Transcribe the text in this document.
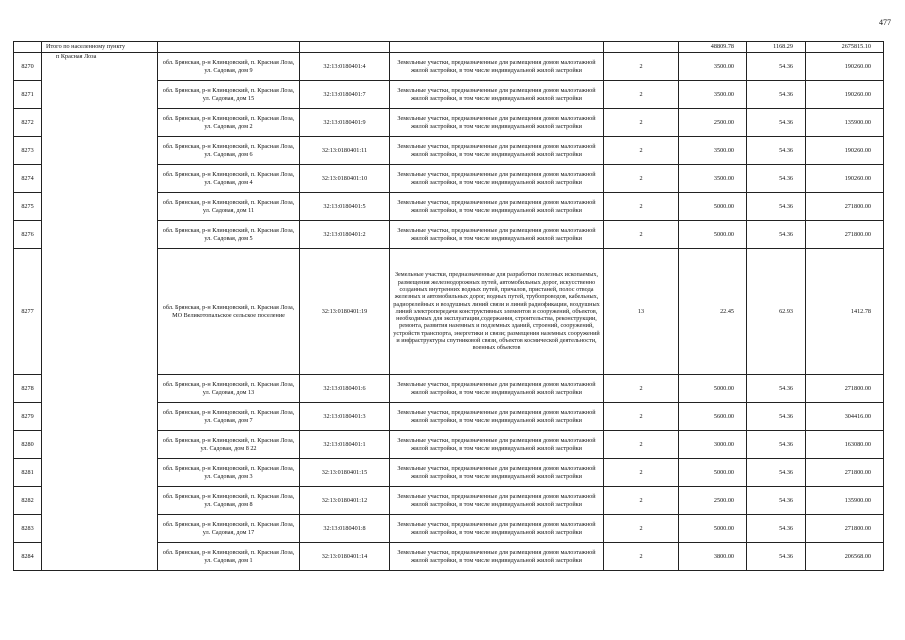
477
	Итого по населенному пункту					48809.78	1168.29	2675815.10
8270	п Красная Лоза	обл. Брянская, р-н Клинцовский, п. Красная Лоза, ул. Садовая, дом 9	32:13:0180401:4	Земельные участки, предназначенные для размещения домов малоэтажной жилой застройки, в том числе индивидуальной жилой застройки	2	3500.00	54.36	190260.00
8271		обл. Брянская, р-н Клинцовский, п. Красная Лоза, ул. Садовая, дом 15	32:13:0180401:7	Земельные участки, предназначенные для размещения домов малоэтажной жилой застройки, в том числе индивидуальной жилой застройки	2	3500.00	54.36	190260.00
8272		обл. Брянская, р-н Клинцовский, п. Красная Лоза, ул. Садовая, дом 2	32:13:0180401:9	Земельные участки, предназначенные для размещения домов малоэтажной жилой застройки, в том числе индивидуальной жилой застройки	2	2500.00	54.36	135900.00
8273		обл. Брянская, р-н Клинцовский, п. Красная Лоза, ул. Садовая, дом 6	32:13:0180401:11	Земельные участки, предназначенные для размещения домов малоэтажной жилой застройки, в том числе индивидуальной жилой застройки	2	3500.00	54.36	190260.00
8274		обл. Брянская, р-н Клинцовский, п. Красная Лоза, ул. Садовая, дом 4	32:13:0180401:10	Земельные участки, предназначенные для размещения домов малоэтажной жилой застройки, в том числе индивидуальной жилой застройки	2	3500.00	54.36	190260.00
8275		обл. Брянская, р-н Клинцовский, п. Красная Лоза, ул. Садовая, дом 11	32:13:0180401:5	Земельные участки, предназначенные для размещения домов малоэтажной жилой застройки, в том числе индивидуальной жилой застройки	2	5000.00	54.36	271800.00
8276		обл. Брянская, р-н Клинцовский, п. Красная Лоза, ул. Садовая, дом 5	32:13:0180401:2	Земельные участки, предназначенные для размещения домов малоэтажной жилой застройки, в том числе индивидуальной жилой застройки	2	5000.00	54.36	271800.00
8277		обл. Брянская, р-н Клинцовский, п. Красная Лоза, МО Великотопальское сельское поселение	32:13:0180401:19	Земельные участки, предназначенные для разработки полезных ископаемых, размещения железнодорожных путей, автомобильных дорог, искусственно созданных внутренних водных путей, причалов, пристаней, полос отвода железных и автомобильных дорог, водных путей, трубопроводов, кабельных, радиорелейных и воздушных линий связи и линий радиофикации, воздушных линий электропередачи конструктивных элементов и сооружений, объектов, необходимых для эксплуатации,содержания, строительства, реконструкции, ремонта, развития наземных и подземных зданий, строений, сооружений, устройств транспорта, энергетики и связи; размещения наземных сооружений и инфраструктуры спутниковой связи, объектов космической деятельности, военных объектов	13	22.45	62.93	1412.78
8278		обл. Брянская, р-н Клинцовский, п. Красная Лоза, ул. Садовая, дом 13	32:13:0180401:6	Земельные участки, предназначенные для размещения домов малоэтажной жилой застройки, в том числе индивидуальной жилой застройки	2	5000.00	54.36	271800.00
8279		обл. Брянская, р-н Клинцовский, п. Красная Лоза, ул. Садовая, дом 7	32:13:0180401:3	Земельные участки, предназначенные для размещения домов малоэтажной жилой застройки, в том числе индивидуальной жилой застройки	2	5600.00	54.36	304416.00
8280		обл. Брянская, р-н Клинцовский, п. Красная Лоза, ул. Садовая, дом 8 22	32:13:0180401:1	Земельные участки, предназначенные для размещения домов малоэтажной жилой застройки, в том числе индивидуальной жилой застройки	2	3000.00	54.36	163080.00
8281		обл. Брянская, р-н Клинцовский, п. Красная Лоза, ул. Садовая, дом 3	32:13:0180401:15	Земельные участки, предназначенные для размещения домов малоэтажной жилой застройки, в том числе индивидуальной жилой застройки	2	5000.00	54.36	271800.00
8282		обл. Брянская, р-н Клинцовский, п. Красная Лоза, ул. Садовая, дом 8	32:13:0180401:12	Земельные участки, предназначенные для размещения домов малоэтажной жилой застройки, в том числе индивидуальной жилой застройки	2	2500.00	54.36	135900.00
8283		обл. Брянская, р-н Клинцовский, п. Красная Лоза, ул. Садовая, дом 17	32:13:0180401:8	Земельные участки, предназначенные для размещения домов малоэтажной жилой застройки, в том числе индивидуальной жилой застройки	2	5000.00	54.36	271800.00
8284		обл. Брянская, р-н Клинцовский, п. Красная Лоза, ул. Садовая, дом 1	32:13:0180401:14	Земельные участки, предназначенные для размещения домов малоэтажной жилой застройки, в том числе индивидуальной жилой застройки	2	3800.00	54.36	206568.00
